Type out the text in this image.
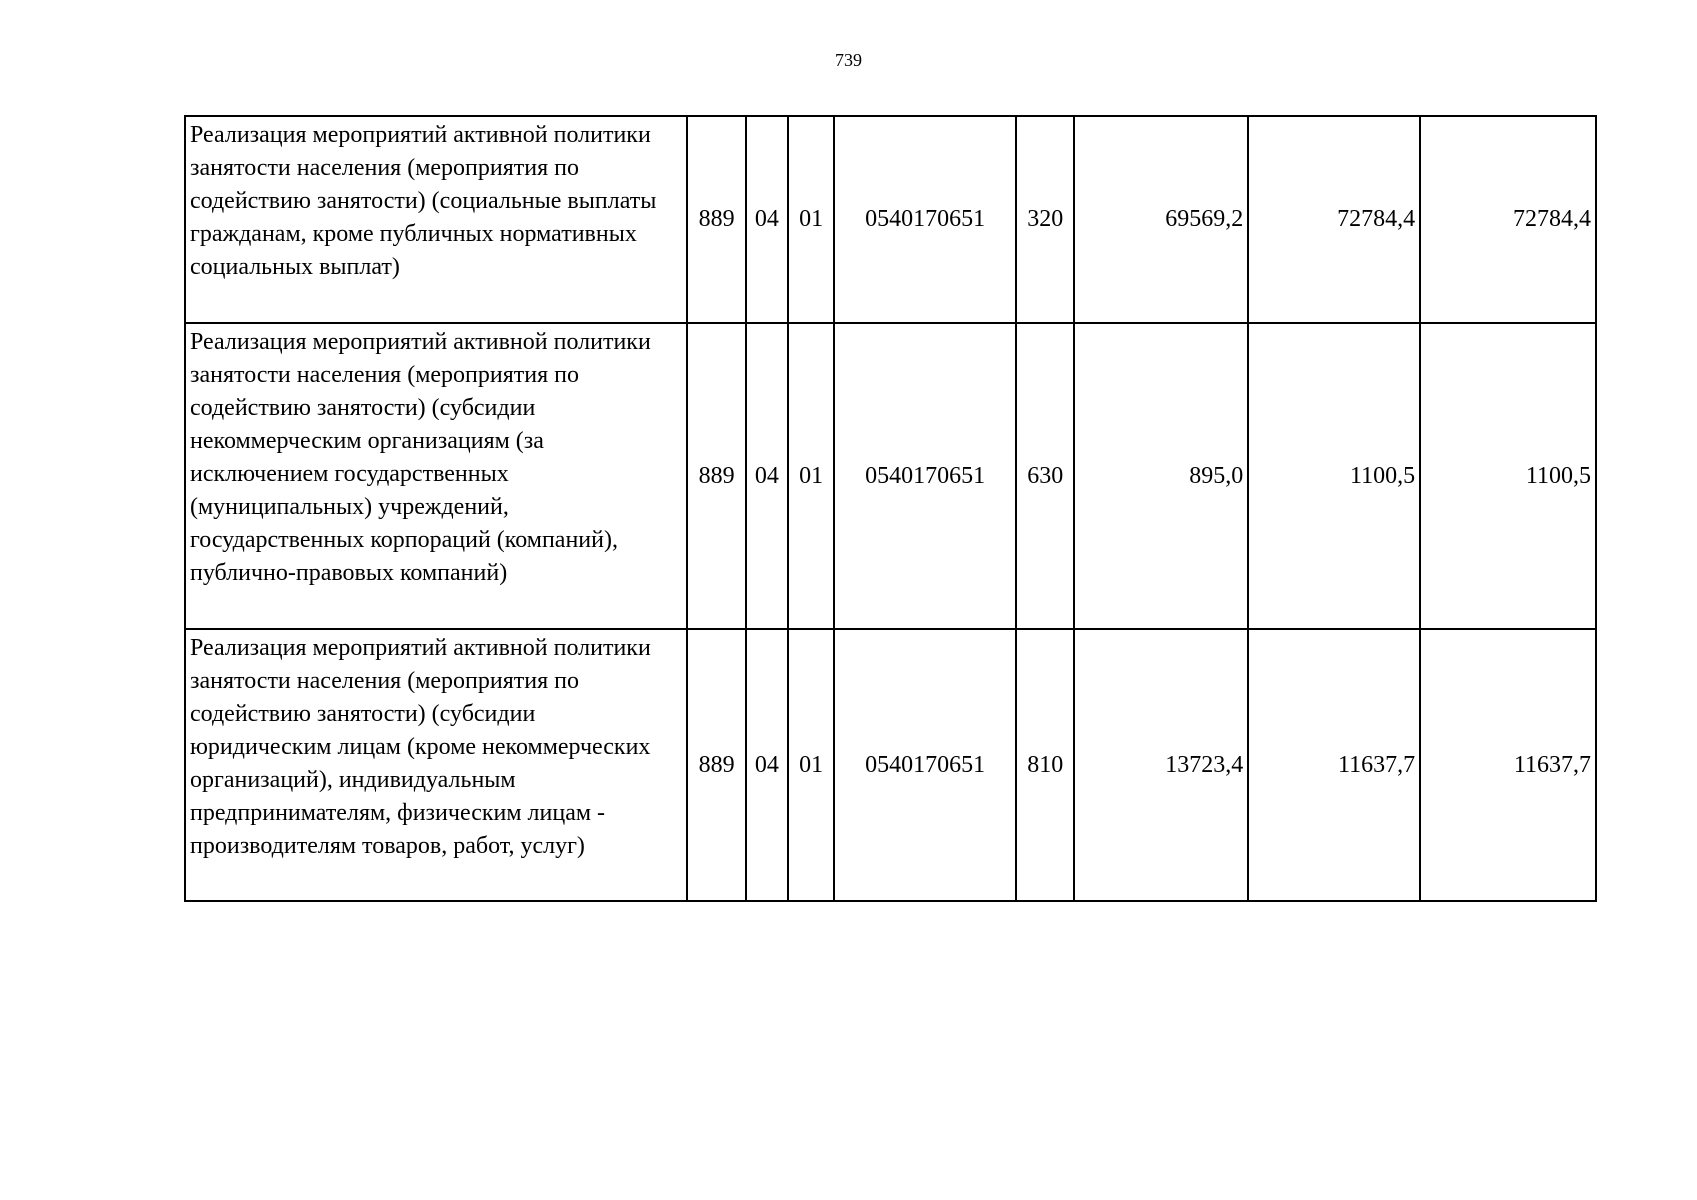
739
Реализация мероприятий активной политики занятости населения (мероприятия по содействию занятости) (социальные выплаты гражданам, кроме публичных нормативных социальных выплат)	889	04	01	0540170651	320	69569,2	72784,4	72784,4
Реализация мероприятий активной политики занятости населения (мероприятия по содействию занятости) (субсидии некоммерческим организациям (за исключением государственных (муниципальных) учреждений, государственных корпораций (компаний), публично-правовых компаний)	889	04	01	0540170651	630	895,0	1100,5	1100,5
Реализация мероприятий активной политики занятости населения (мероприятия по содействию занятости) (субсидии юридическим лицам (кроме некоммерческих организаций), индивидуальным предпринимателям, физическим лицам - производителям товаров, работ, услуг)	889	04	01	0540170651	810	13723,4	11637,7	11637,7
